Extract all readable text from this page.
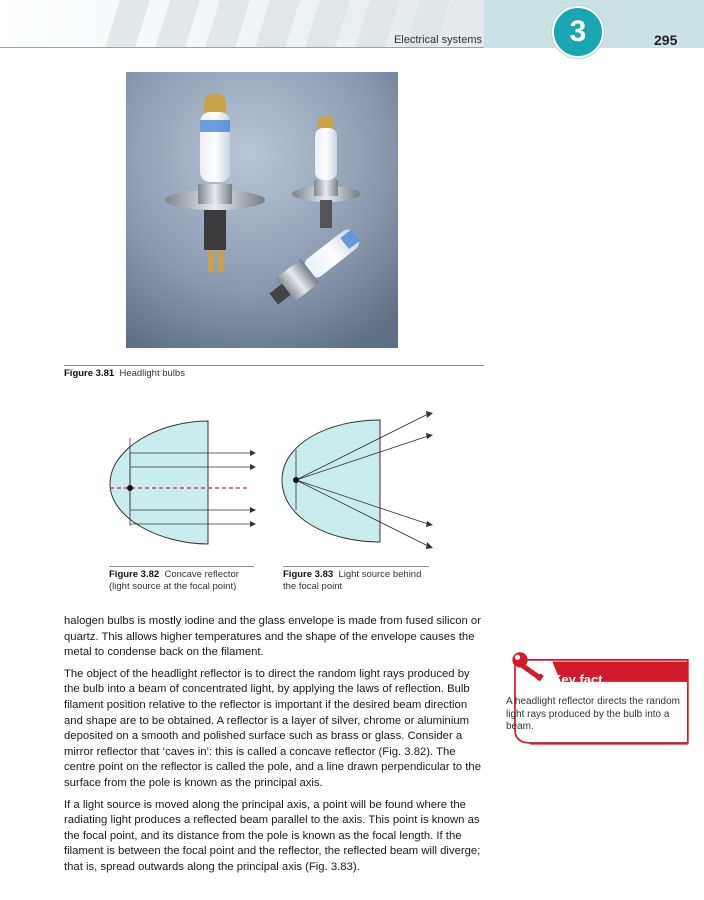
Electrical systems	3	295
Figure 3.81 Headlight bulbs
Figure 3.82 Concave reflector
(light source at the focal point)
Figure 3.83 Light source behind
the focal point

halogen bulbs is mostly iodine and the glass envelope is made from fused silicon or quartz. This allows higher temperatures and the shape of the envelope causes the metal to condense back on the filament.

The object of the headlight reflector is to direct the random light rays produced by the bulb into a beam of concentrated light, by applying the laws of reflection. Bulb filament position relative to the reflector is important if the desired beam direction and shape are to be obtained. A reflector is a layer of silver, chrome or aluminium deposited on a smooth and polished surface such as brass or glass. Consider a mirror reflector that ‘caves in’: this is called a concave reflector (Fig. 3.82). The centre point on the reflector is called the pole, and a line drawn perpendicular to the surface from the pole is known as the principal axis.

If a light source is moved along the principal axis, a point will be found where the radiating light produces a reflected beam parallel to the axis. This point is known as the focal point, and its distance from the pole is known as the focal length. If the filament is between the focal point and the reflector, the reflected beam will diverge; that is, spread outwards along the principal axis (Fig. 3.83).

Key fact
A headlight reflector directs the random light rays produced by the bulb into a beam.
